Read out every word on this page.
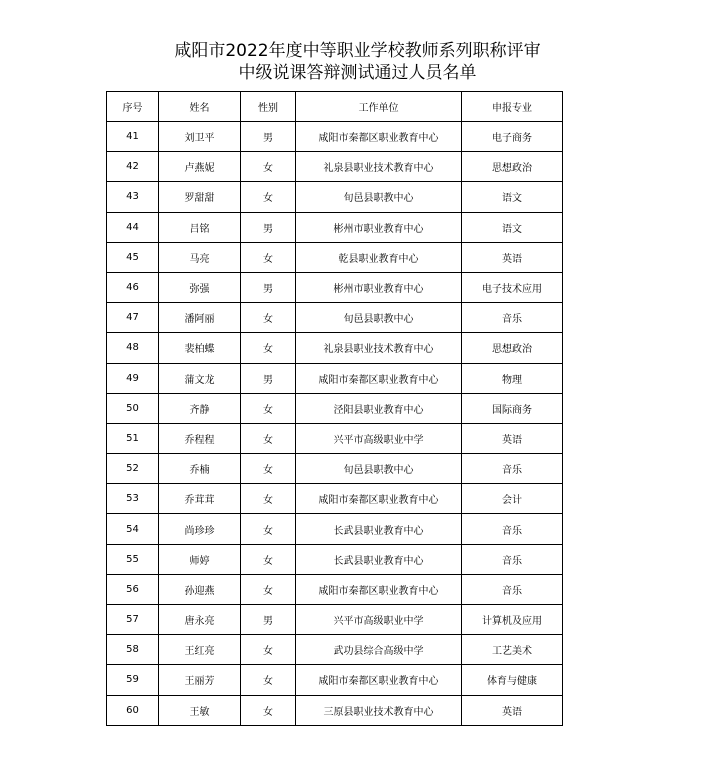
咸阳市2022年度中等职业学校教师系列职称评审
中级说课答辩测试通过人员名单
序号	姓名	性别	工作单位	申报专业
41	刘卫平	男	咸阳市秦都区职业教育中心	电子商务
42	卢燕妮	女	礼泉县职业技术教育中心	思想政治
43	罗甜甜	女	旬邑县职教中心	语文
44	吕铭	男	彬州市职业教育中心	语文
45	马亮	女	乾县职业教育中心	英语
46	弥强	男	彬州市职业教育中心	电子技术应用
47	潘阿丽	女	旬邑县职教中心	音乐
48	裴柏蝶	女	礼泉县职业技术教育中心	思想政治
49	蒲文龙	男	咸阳市秦都区职业教育中心	物理
50	齐静	女	泾阳县职业教育中心	国际商务
51	乔程程	女	兴平市高级职业中学	英语
52	乔楠	女	旬邑县职教中心	音乐
53	乔茸茸	女	咸阳市秦都区职业教育中心	会计
54	尚珍珍	女	长武县职业教育中心	音乐
55	师婷	女	长武县职业教育中心	音乐
56	孙迎燕	女	咸阳市秦都区职业教育中心	音乐
57	唐永亮	男	兴平市高级职业中学	计算机及应用
58	王红亮	女	武功县综合高级中学	工艺美术
59	王丽芳	女	咸阳市秦都区职业教育中心	体育与健康
60	王敏	女	三原县职业技术教育中心	英语
